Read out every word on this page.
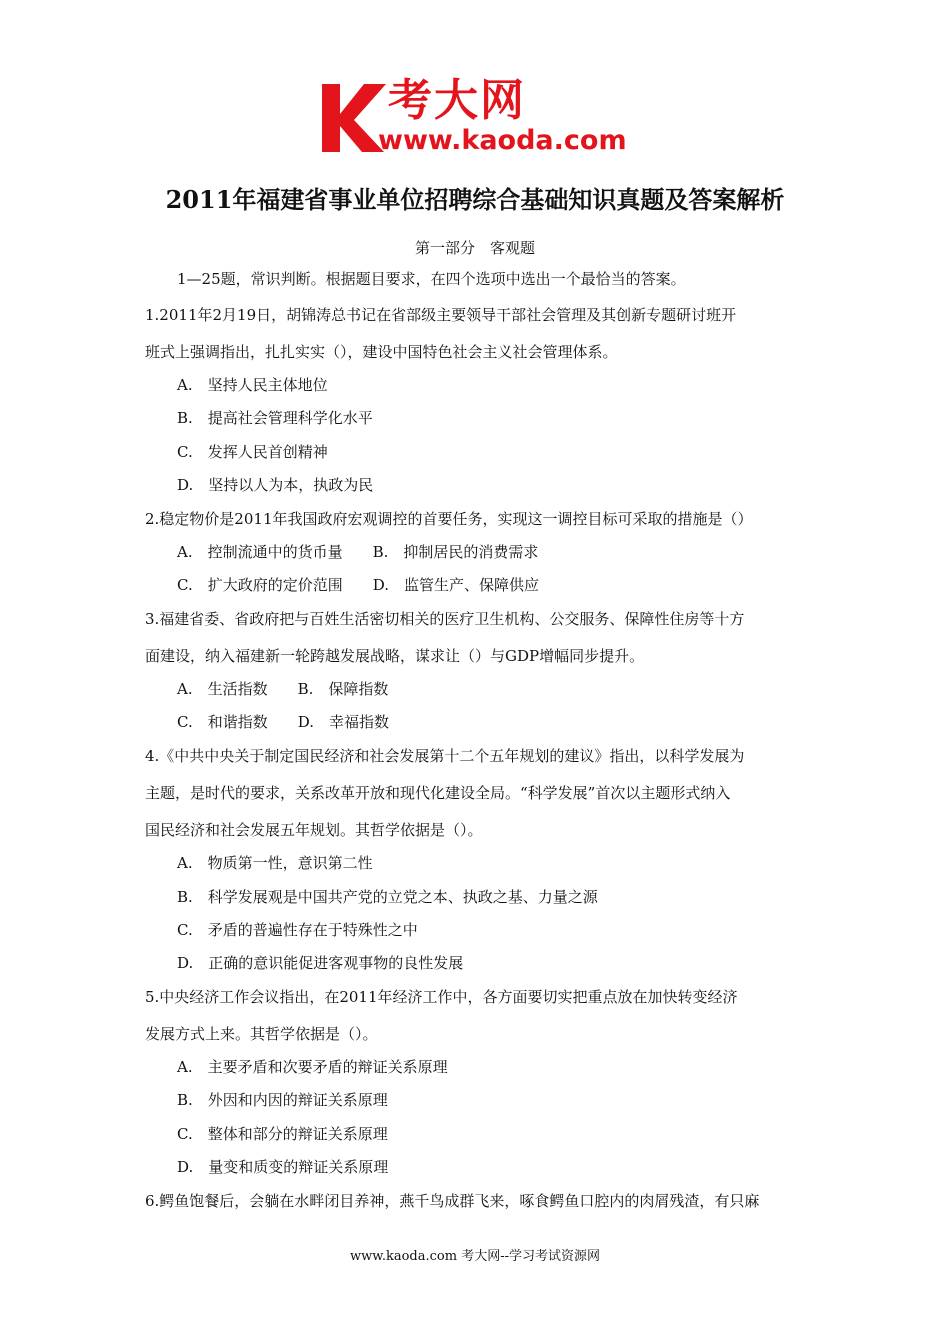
考大网
www.kaoda.com
2011年福建省事业单位招聘综合基础知识真题及答案解析
第一部分　客观题
1—25题，常识判断。根据题目要求，在四个选项中选出一个最恰当的答案。
1.2011年2月19日，胡锦涛总书记在省部级主要领导干部社会管理及其创新专题研讨班开
班式上强调指出，扎扎实实（），建设中国特色社会主义社会管理体系。
A.　坚持人民主体地位
B.　提高社会管理科学化水平
C.　发挥人民首创精神
D.　坚持以人为本，执政为民
2.稳定物价是2011年我国政府宏观调控的首要任务，实现这一调控目标可采取的措施是（）
A.　控制流通中的货币量　　B.　抑制居民的消费需求
C.　扩大政府的定价范围　　D.　监管生产、保障供应
3.福建省委、省政府把与百姓生活密切相关的医疗卫生机构、公交服务、保障性住房等十方
面建设，纳入福建新一轮跨越发展战略，谋求让（）与GDP增幅同步提升。
A.　生活指数　　B.　保障指数
C.　和谐指数　　D.　幸福指数
4.《中共中央关于制定国民经济和社会发展第十二个五年规划的建议》指出，以科学发展为
主题，是时代的要求，关系改革开放和现代化建设全局。“科学发展”首次以主题形式纳入
国民经济和社会发展五年规划。其哲学依据是（）。
A.　物质第一性，意识第二性
B.　科学发展观是中国共产党的立党之本、执政之基、力量之源
C.　矛盾的普遍性存在于特殊性之中
D.　正确的意识能促进客观事物的良性发展
5.中央经济工作会议指出，在2011年经济工作中，各方面要切实把重点放在加快转变经济
发展方式上来。其哲学依据是（）。
A.　主要矛盾和次要矛盾的辩证关系原理
B.　外因和内因的辩证关系原理
C.　整体和部分的辩证关系原理
D.　量变和质变的辩证关系原理
6.鳄鱼饱餐后，会躺在水畔闭目养神，燕千鸟成群飞来，啄食鳄鱼口腔内的肉屑残渣，有只麻
www.kaoda.com 考大网--学习考试资源网
